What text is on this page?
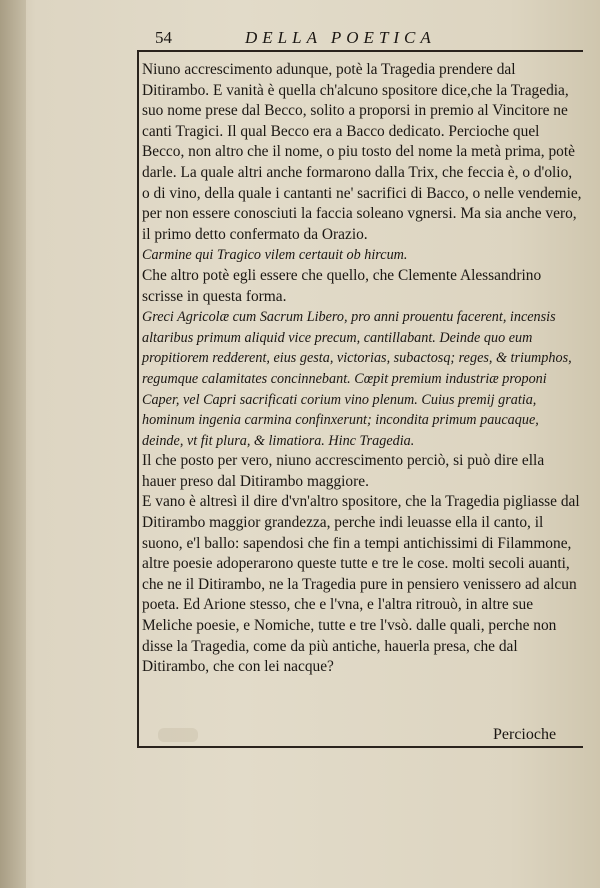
54	DELLA POETICA

Niuno accrescimento adunque, potè la Tragedia prendere dal Ditirambo. E vanità è quella ch'alcuno spositore dice,che la Tragedia, suo nome prese dal Becco, solito a proporsi in premio al Vincitore ne canti Tragici. Il qual Becco era a Bacco dedicato. Percioche quel Becco, non altro che il nome, o piu tosto del nome la metà prima, potè darle. La quale altri anche formarono dalla Trix, che feccia è, o d'olio, o di vino, della quale i cantanti ne' sacrifici di Bacco, o nelle vendemie, per non essere conosciuti la faccia soleano vgnersi. Ma sia anche vero, il primo detto confermato da Orazio.

Carmine qui Tragico vilem certauit ob hircum.

Che altro potè egli essere che quello, che Clemente Alessandrino scrisse in questa forma.

Greci Agricolæ cum Sacrum Libero, pro anni prouentu facerent, incensis altaribus primum aliquid vice precum, cantillabant. Deinde quo eum propitiorem redderent, eius gesta, victorias, subactosq; reges, & triumphos, regumque calamitates concinnebant. Cœpit premium industriæ proponi Caper, vel Capri sacrificati corium vino plenum. Cuius premij gratia, hominum ingenia carmina confinxerunt; incondita primum paucaque, deinde, vt fit plura, & limatiora. Hinc Tragedia.

Il che posto per vero, niuno accrescimento perciò, si può dire ella hauer preso dal Ditirambo maggiore.

E vano è altresì il dire d'vn'altro spositore, che la Tragedia pigliasse dal Ditirambo maggior grandezza, perche indi leuasse ella il canto, il suono, e'l ballo: sapendosi che fin a tempi antichissimi di Filammone, altre poesie adoperarono queste tutte e tre le cose. molti secoli auanti, che ne il Ditirambo, ne la Tragedia pure in pensiero venissero ad alcun poeta. Ed Arione stesso, che e l'vna, e l'altra ritrouò, in altre sue Meliche poesie, e Nomiche, tutte e tre l'vsò. dalle quali, perche non disse la Tragedia, come da più antiche, hauerla presa, che dal Ditirambo, che con lei nacque?

Percioche
